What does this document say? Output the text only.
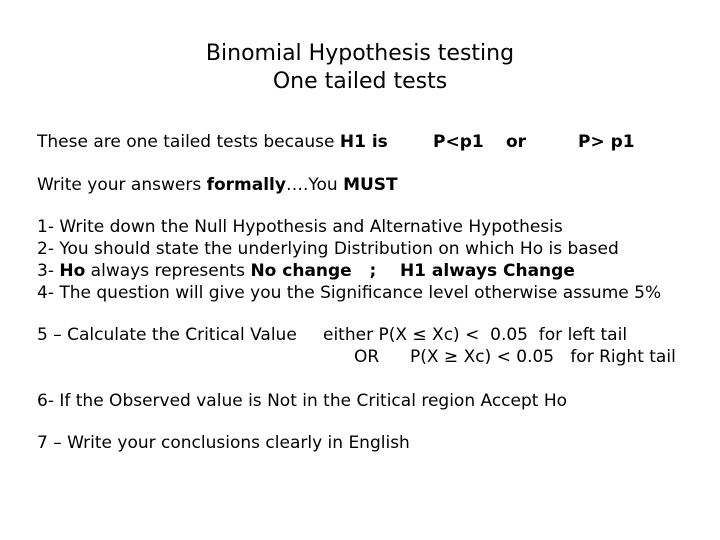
Binomial Hypothesis testing
One tailed tests
These are one tailed tests because H1 is	P<p1 or	P> p1
Write your answers formally….You MUST
1- Write down the Null Hypothesis and Alternative Hypothesis
2- You should state the underlying Distribution on which Ho is based
3- Ho always represents No change   ;    H1 always Change
4- The question will give you the Significance level otherwise assume 5%
5 – Calculate the Critical Value either P(X ≤ Xc) <  0.05  for left tail
OR P(X ≥ Xc) < 0.05   for Right tail
6- If the Observed value is Not in the Critical region Accept Ho
7 – Write your conclusions clearly in English
